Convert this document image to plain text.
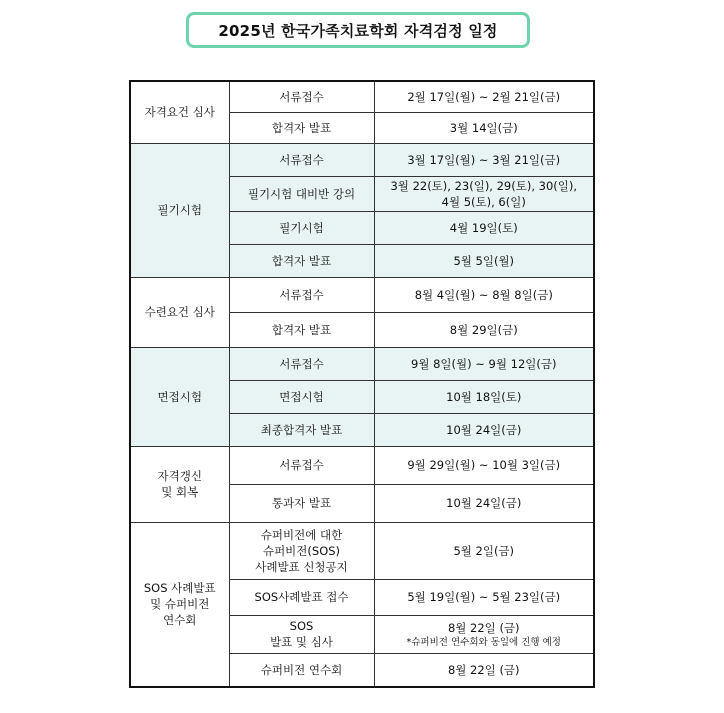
2025년 한국가족치료학회 자격검정 일정
자격요건 심사	서류접수	2월 17일(월) ~ 2월 21일(금)
	합격자 발표	3월 14일(금)
필기시험	서류접수	3월 17일(월) ~ 3월 21일(금)
	필기시험 대비반 강의	3월 22(토), 23(일), 29(토), 30(일),
4월 5(토), 6(일)

	필기시험	4월 19일(토)
	합격자 발표	5월 5일(월)
수련요건 심사	서류접수	8월 4일(월) ~ 8월 8일(금)
	합격자 발표	8월 29일(금)
면접시험	서류접수	9월 8일(월) ~ 9월 12일(금)
	면접시험	10월 18일(토)
	최종합격자 발표	10월 24일(금)

자격갱신
및 회복	서류접수	9월 29일(월) ~ 10월 3일(금)
	통과자 발표	10월 24일(금)

SOS 사례발표
및 슈퍼비전
연수회	슈퍼비전에 대한
슈퍼비전(SOS)
사례발표 신청공지	5월 2일(금)
	SOS사례발표 접수	5월 19일(월) ~ 5월 23일(금)

	SOS
발표 및 심사	8월 22일 (금)
*슈퍼비전 연수회와 동일에 진행 예정

	슈퍼비전 연수회	8월 22일 (금)
